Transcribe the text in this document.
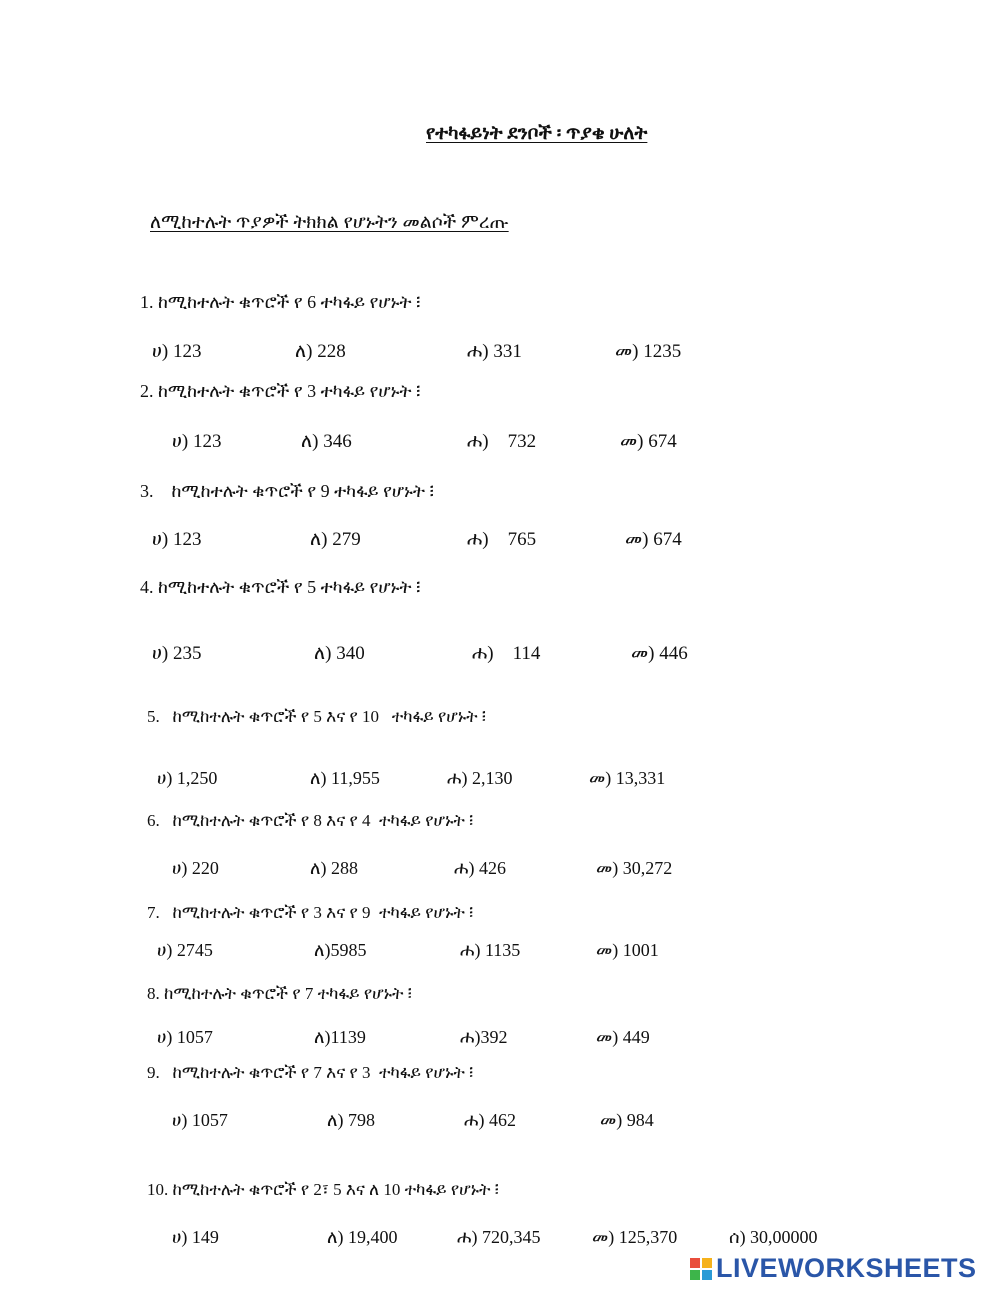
የተካፋይነት ደንቦች ፡ ጥያቄ ሁለት
ለሚከተሉት ጥያዎች ትክክል የሆኑትን መልሶች ምረጡ
1. ከሚከተሉት ቁጥሮች የ 6 ተካፋይ የሆኑት ፧
ሀ) 123	ለ) 228	ሐ) 331	መ) 1235
2. ከሚከተሉት ቁጥሮች የ 3 ተካፋይ የሆኑት ፧
ሀ) 123	ለ) 346	ሐ)    732	መ) 674
3.    ከሚከተሉት ቁጥሮች የ 9 ተካፋይ የሆኑት ፧
ሀ) 123	ለ) 279	ሐ)    765	መ) 674
4. ከሚከተሉት ቁጥሮች የ 5 ተካፋይ የሆኑት ፧
ሀ) 235	ለ) 340	ሐ)    114	መ) 446
5.   ከሚከተሉት ቁጥሮች የ 5 እና የ 10   ተካፋይ የሆኑት ፧
ሀ) 1,250	ለ) 11,955	ሐ) 2,130	መ) 13,331
6.   ከሚከተሉት ቁጥሮች የ 8 እና የ 4  ተካፋይ የሆኑት ፧
ሀ) 220	ለ) 288	ሐ) 426	መ) 30,272
7.   ከሚከተሉት ቁጥሮች የ 3 እና የ 9  ተካፋይ የሆኑት ፧
ሀ) 2745	ለ)5985	ሐ) 1135	መ) 1001
8. ከሚከተሉት ቁጥሮች የ 7 ተካፋይ የሆኑት ፧
ሀ) 1057	ለ)1139	ሐ)392	መ) 449
9.   ከሚከተሉት ቁጥሮች የ 7 እና የ 3  ተካፋይ የሆኑት ፧
ሀ) 1057	ለ) 798	ሐ) 462	መ) 984
10. ከሚከተሉት ቁጥሮች የ 2፣ 5 እና ለ 10 ተካፋይ የሆኑት ፧
ሀ) 149	ለ) 19,400	ሐ) 720,345	መ) 125,370	ሰ) 30,00000
LIVEWORKSHEETS
